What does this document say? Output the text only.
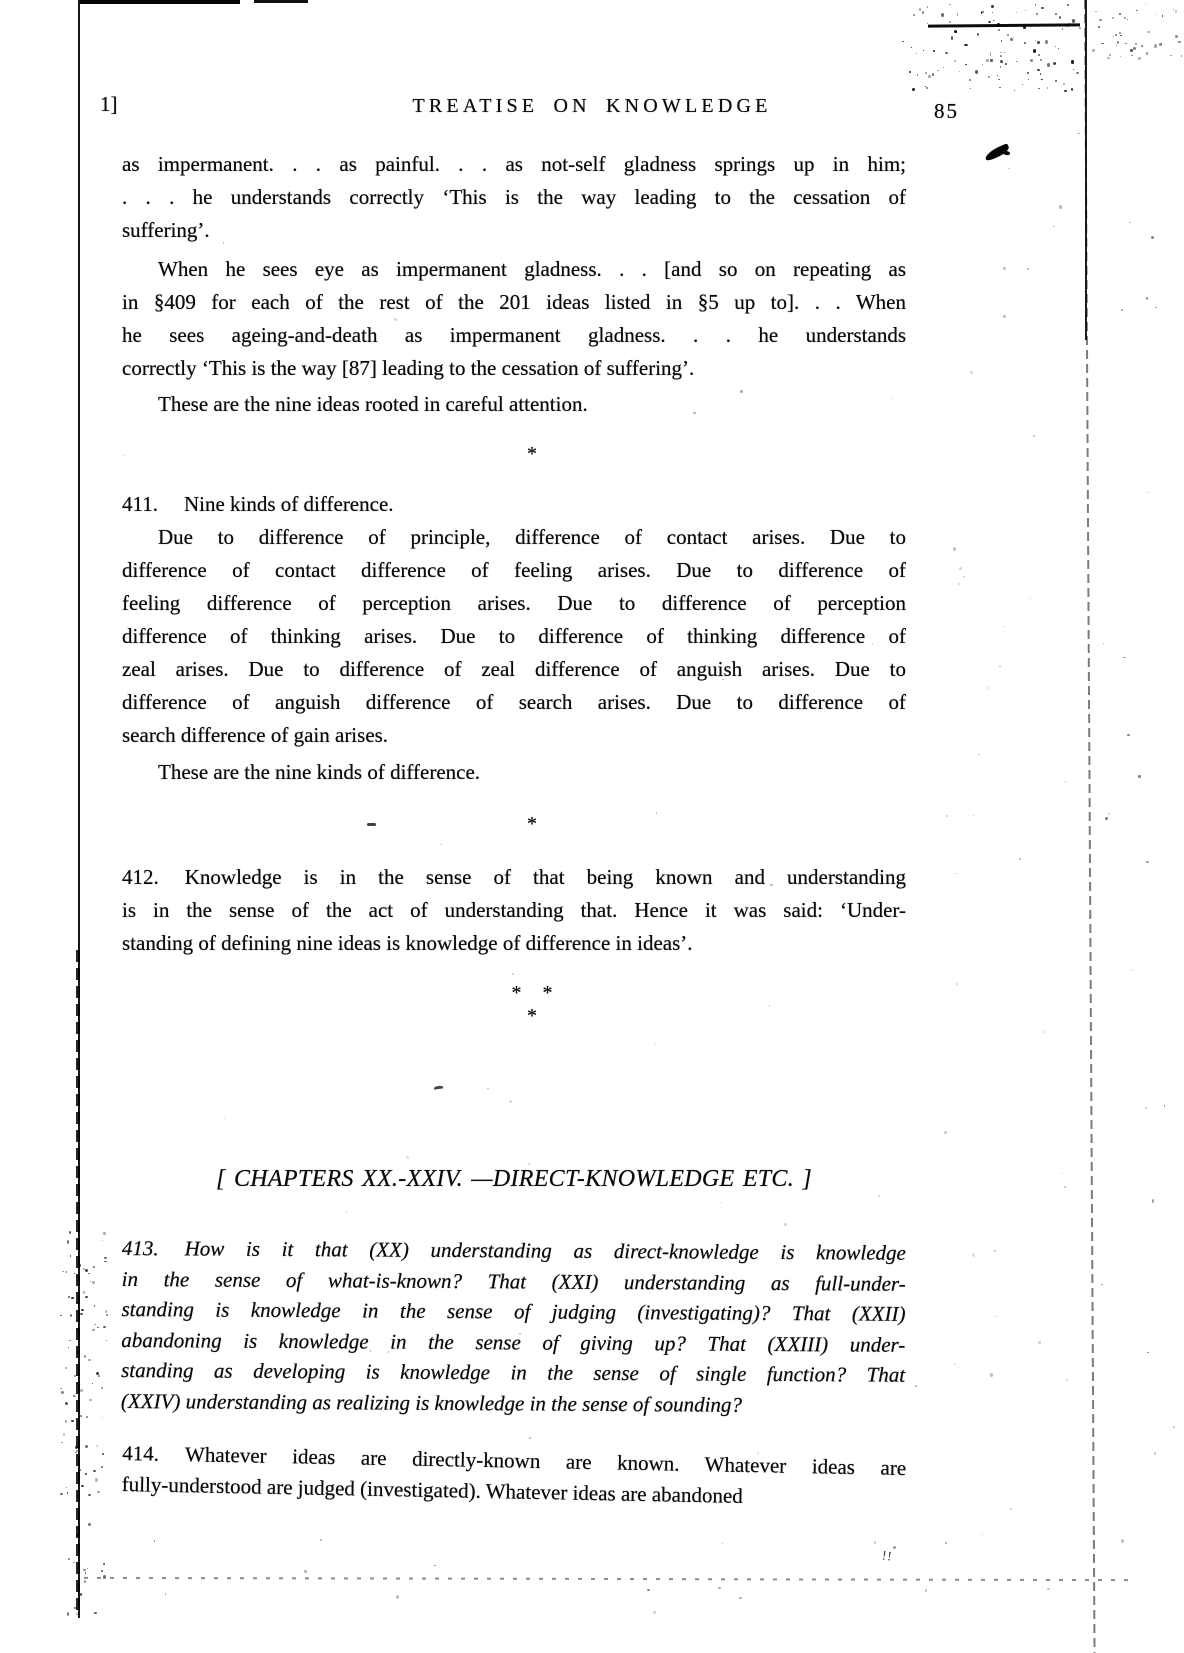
1]	TREATISE ON KNOWLEDGE	85
as impermanent. . . as painful. . . as not-self gladness springs up in him;
. . . he understands correctly ‘This is the way leading to the cessation of
suffering’.
When he sees eye as impermanent gladness. . . [and so on repeating as
in §409 for each of the rest of the 201 ideas listed in §5 up to]. . . When
he sees ageing-and-death as impermanent gladness. . . he understands
correctly ‘This is the way [87] leading to the cessation of suffering’.
These are the nine ideas rooted in careful attention.
*
411. Nine kinds of difference.
Due to difference of principle, difference of contact arises. Due to
difference of contact difference of feeling arises. Due to difference of
feeling difference of perception arises. Due to difference of perception
difference of thinking arises. Due to difference of thinking difference of
zeal arises. Due to difference of zeal difference of anguish arises. Due to
difference of anguish difference of search arises. Due to difference of
search difference of gain arises.
These are the nine kinds of difference.
*
412. Knowledge is in the sense of that being known and understanding
is in the sense of the act of understanding that. Hence it was said: ‘Under-
standing of defining nine ideas is knowledge of difference in ideas’.
* *
*
[ CHAPTERS XX.-XXIV. —DIRECT-KNOWLEDGE ETC. ]
413. How is it that (XX) understanding as direct-knowledge is knowledge
in the sense of what-is-known? That (XXI) understanding as full-under-
standing is knowledge in the sense of judging (investigating)? That (XXII)
abandoning is knowledge in the sense of giving up? That (XXIII) under-
standing as developing is knowledge in the sense of single function? That
(XXIV) understanding as realizing is knowledge in the sense of sounding?
414. Whatever ideas are directly-known are known. Whatever ideas are
fully-understood are judged (investigated). Whatever ideas are abandoned
!!
